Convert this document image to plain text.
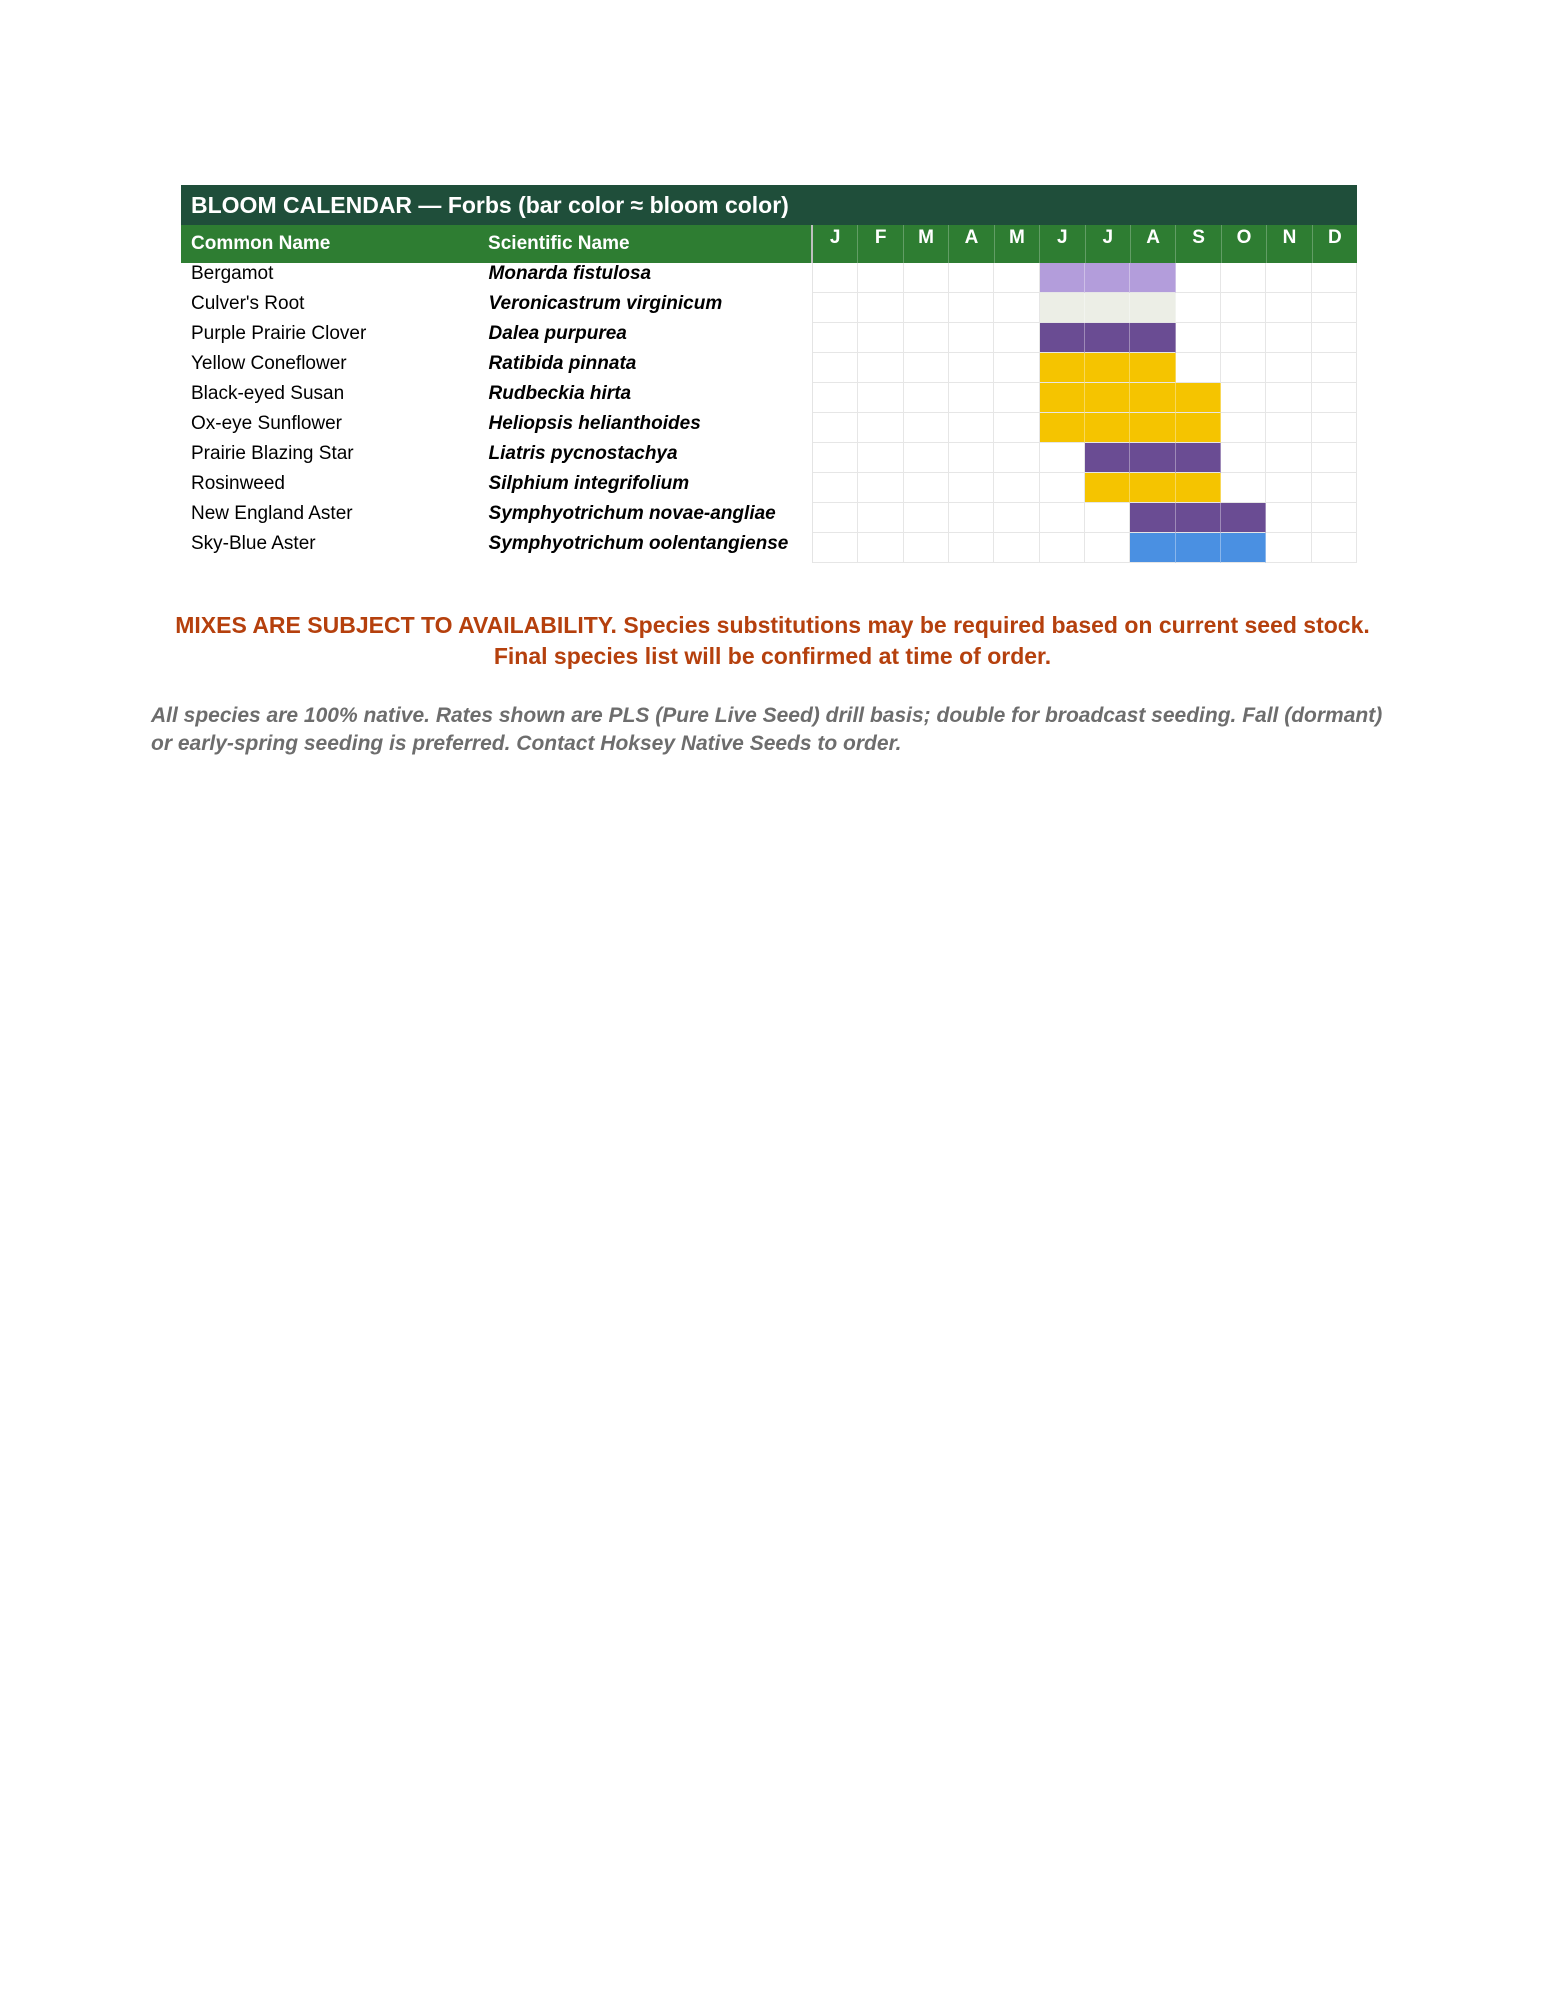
BLOOM CALENDAR — Forbs (bar color ≈ bloom color)
Common Name	Scientific Name	J	F	M	A	M	J	J	A	S	O	N	D
Bergamot	Monarda fistulosa
Culver's Root	Veronicastrum virginicum
Purple Prairie Clover	Dalea purpurea
Yellow Coneflower	Ratibida pinnata
Black-eyed Susan	Rudbeckia hirta
Ox-eye Sunflower	Heliopsis helianthoides
Prairie Blazing Star	Liatris pycnostachya
Rosinweed	Silphium integrifolium
New England Aster	Symphyotrichum novae-angliae
Sky-Blue Aster	Symphyotrichum oolentangiense
MIXES ARE SUBJECT TO AVAILABILITY. Species substitutions may be required based on current seed stock. Final species list will be confirmed at time of order.
All species are 100% native. Rates shown are PLS (Pure Live Seed) drill basis; double for broadcast seeding. Fall (dormant) or early-spring seeding is preferred. Contact Hoksey Native Seeds to order.
